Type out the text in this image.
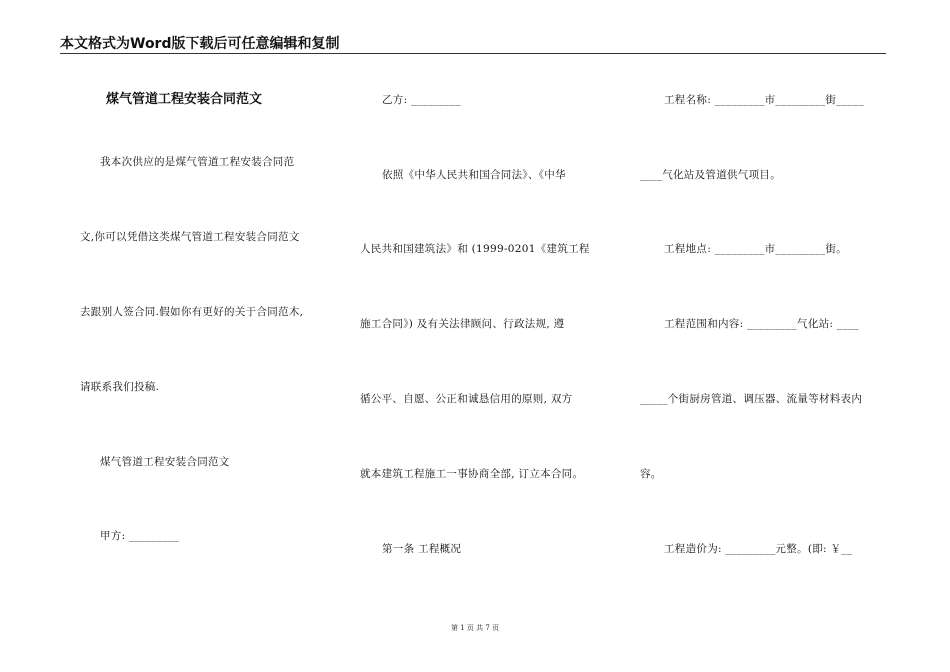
本文格式为Word版下载后可任意编辑和复制
煤气管道工程安装合同范文
我本次供应的是煤气管道工程安装合同范
文,你可以凭借这类煤气管道工程安装合同范文
去跟别人签合同.假如你有更好的关于合同范木,
请联系我们投稿.
煤气管道工程安装合同范文
甲方: _________
乙方: _________
依照《中华人民共和国合同法》、《中华
人民共和国建筑法》和 (1999-0201《建筑工程
施工合同》) 及有关法律顾问、行政法规, 遵
循公平、自愿、公正和诚恳信用的原则, 双方
就本建筑工程施工一事协商全部, 订立本合同。
第一条 工程概况
工程名称: _________市_________街_____
____气化站及管道供气项目。
工程地点: _________市_________街。
工程范围和内容: _________气化站: ____
_____个街厨房管道、调压器、流量等材料表内
容。
工程造价为: _________元整。(即: ￥__
第 1 页 共 7 页
